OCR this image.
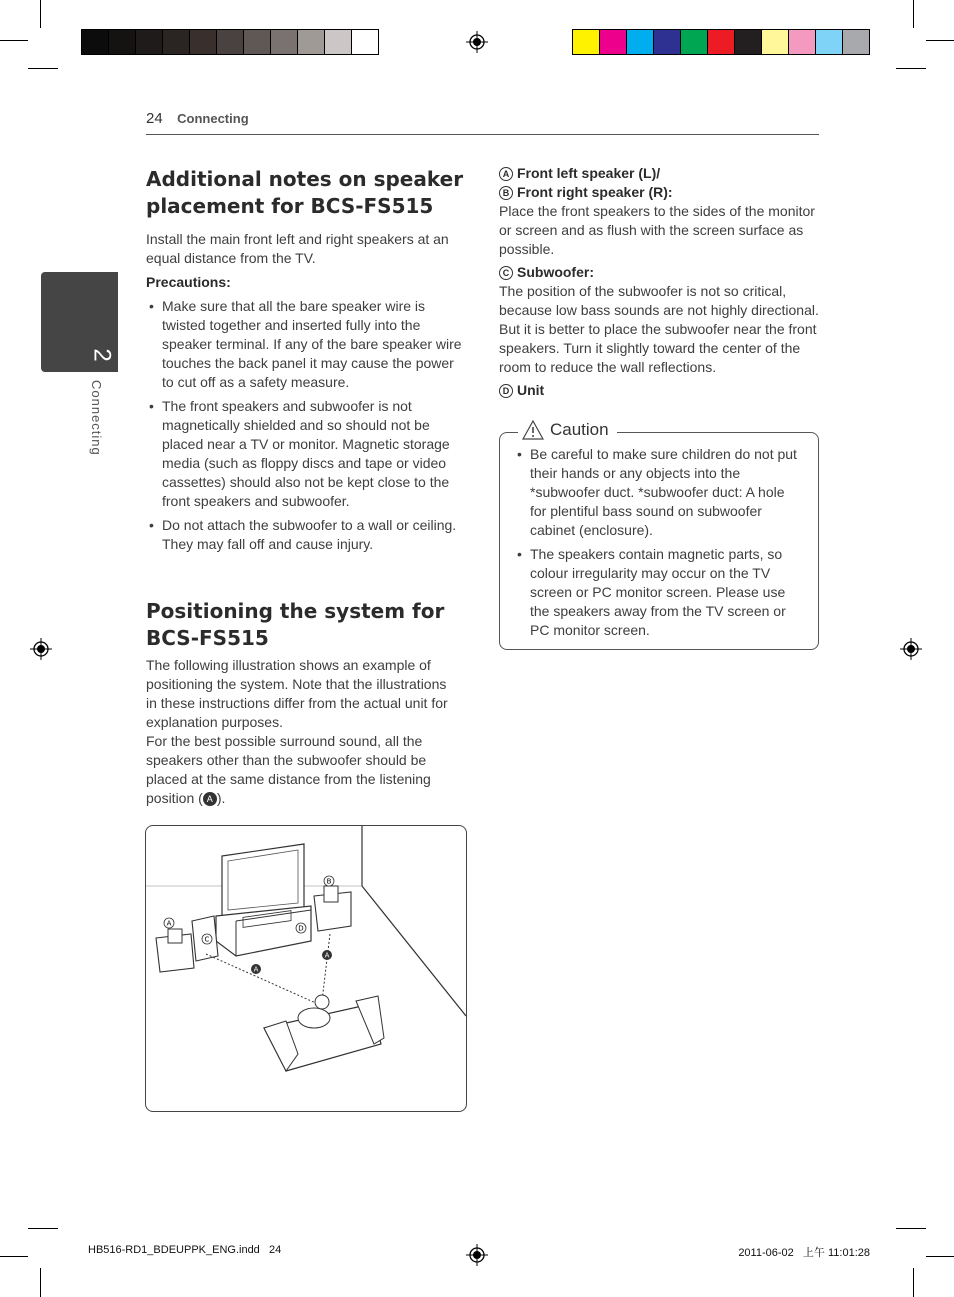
24 Connecting
2
Connecting
Additional notes on speaker placement for BCS-FS515

Install the main front left and right speakers at an equal distance from the TV.

Precautions:

• Make sure that all the bare speaker wire is twisted together and inserted fully into the speaker terminal. If any of the bare speaker wire touches the back panel it may cause the power to cut off as a safety measure.
• The front speakers and subwoofer is not magnetically shielded and so should not be placed near a TV or monitor. Magnetic storage media (such as floppy discs and tape or video cassettes) should also not be kept close to the front speakers and subwoofer.
• Do not attach the subwoofer to a wall or ceiling. They may fall off and cause injury.
Positioning the system for BCS-FS515

The following illustration shows an example of positioning the system. Note that the illustrations in these instructions differ from the actual unit for explanation purposes.

For the best possible surround sound, all the speakers other than the subwoofer should be placed at the same distance from the listening position ( A ).

B
A
C
D
A
A

A Front left speaker (L)/

B Front right speaker (R):

Place the front speakers to the sides of the monitor or screen and as flush with the screen surface as possible.

C Subwoofer:

The position of the subwoofer is not so critical, because low bass sounds are not highly directional. But it is better to place the subwoofer near the front speakers. Turn it slightly toward the center of the room to reduce the wall reflections.

D Unit

Caution
• Be careful to make sure children do not put their hands or any objects into the *subwoofer duct. *subwoofer duct: A hole for plentiful bass sound on subwoofer cabinet (enclosure).
• The speakers contain magnetic parts, so colour irregularity may occur on the TV screen or PC monitor screen. Please use the speakers away from the TV screen or PC monitor screen.
HB516-RD1_BDEUPPK_ENG.indd   24	2011-06-02   上午 11:01:28
